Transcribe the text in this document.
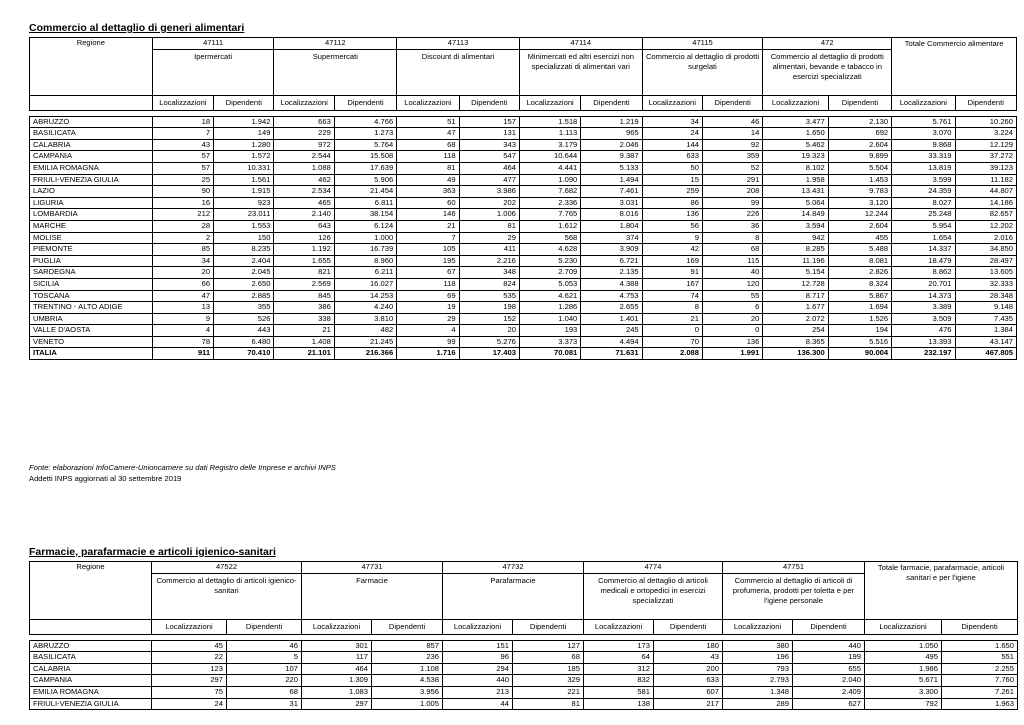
Commercio al dettaglio di generi alimentari
Regione	47111		47112		47113		47114		47115		472		Totale Commercio alimentare	
	Ipermercati		Supermercati		Discount di alimentari		Minimercati ed altri esercizi non specializzati di alimentari vari		Commercio al dettaglio di prodotti surgelati		Commercio al dettaglio di prodotti alimentari, bevande e tabacco in esercizi specializzati			
	Localizzazioni	Dipendenti	Localizzazioni	Dipendenti	Localizzazioni	Dipendenti	Localizzazioni	Dipendenti	Localizzazioni	Dipendenti	Localizzazioni	Dipendenti	Localizzazioni	Dipendenti

ABRUZZO	18	1.942	663	4.766	51	157	1.518	1.219	34	46	3.477	2.130	5.761	10.260
BASILICATA	7	149	229	1.273	47	131	1.113	965	24	14	1.650	692	3.070	3.224
CALABRIA	43	1.280	972	5.764	68	343	3.179	2.046	144	92	5.462	2.604	9.868	12.129
CAMPANIA	57	1.572	2.544	15.508	118	547	10.644	9.387	633	359	19.323	9.899	33.319	37.272
EMILIA ROMAGNA	57	10.331	1.088	17.639	81	464	4.441	5.133	50	52	8.102	5.504	13.819	39.123
FRIULI-VENEZIA GIULIA	25	1.561	462	5.906	49	477	1.090	1.494	15	291	1.958	1.453	3.599	11.182
LAZIO	90	1.915	2.534	21.454	363	3.986	7.682	7.461	259	208	13.431	9.783	24.359	44.807
LIGURIA	16	923	465	6.811	60	202	2.336	3.031	86	99	5.064	3.120	8.027	14.186
LOMBARDIA	212	23.011	2.140	38.154	146	1.006	7.765	8.016	136	226	14.849	12.244	25.248	82.657
MARCHE	28	1.553	643	6.124	21	81	1.612	1.804	56	36	3.594	2.604	5.954	12.202
MOLISE	2	150	126	1.000	7	29	568	374	9	8	942	455	1.654	2.016
PIEMONTE	85	8.235	1.192	16.739	105	411	4.628	3.909	42	68	8.285	5.488	14.337	34.850
PUGLIA	34	2.404	1.655	8.960	195	2.216	5.230	6.721	169	115	11.196	8.081	18.479	28.497
SARDEGNA	20	2.045	821	6.211	67	348	2.709	2.135	91	40	5.154	2.826	8.862	13.605
SICILIA	66	2.650	2.569	16.027	118	824	5.053	4.388	167	120	12.728	8.324	20.701	32.333
TOSCANA	47	2.885	845	14.253	69	535	4.621	4.753	74	55	8.717	5.867	14.373	28.348
TRENTINO - ALTO ADIGE	13	355	386	4.240	19	198	1.286	2.655	8	6	1.677	1.694	3.389	9.148
UMBRIA	9	526	338	3.810	29	152	1.040	1.401	21	20	2.072	1.526	3.509	7.435
VALLE D'AOSTA	4	443	21	482	4	20	193	245	0	0	254	194	476	1.384
VENETO	78	6.480	1.408	21.245	99	5.276	3.373	4.494	70	136	8.365	5.516	13.393	43.147
ITALIA	911	70.410	21.101	216.366	1.716	17.403	70.081	71.631	2.088	1.991	136.300	90.004	232.197	467.805
Fonte: elaborazioni InfoCamere-Unioncamere su dati Registro delle Imprese e archivi INPS
Addetti INPS aggiornati al 30 settembre 2019
Farmacie, parafarmacie e articoli igienico-sanitari
Regione	47522		47731		47732		4774		47751		Totale farmacie, parafarmacie, articoli sanitari e per l'igiene	
	Commercio al dettaglio di articoli igienico-sanitari		Farmacie		Parafarmacie		Commercio al dettaglio di articoli medicali e ortopedici in esercizi specializzati		Commercio al dettaglio di articoli di profumeria, prodotti per toletta e per l'igiene personale			
	Localizzazioni	Dipendenti	Localizzazioni	Dipendenti	Localizzazioni	Dipendenti	Localizzazioni	Dipendenti	Localizzazioni	Dipendenti	Localizzazioni	Dipendenti

ABRUZZO	45	46	301	857	151	127	173	180	380	440	1.050	1.650
BASILICATA	22	5	117	236	96	68	64	43	196	199	495	551
CALABRIA	123	107	464	1.108	294	185	312	200	793	655	1.986	2.255
CAMPANIA	297	220	1.309	4.538	440	329	832	633	2.793	2.040	5.671	7.760
EMILIA ROMAGNA	75	68	1.083	3.956	213	221	581	607	1.348	2.409	3.300	7.261
FRIULI-VENEZIA GIULIA	24	31	297	1.005	44	81	138	217	289	627	792	1.963
